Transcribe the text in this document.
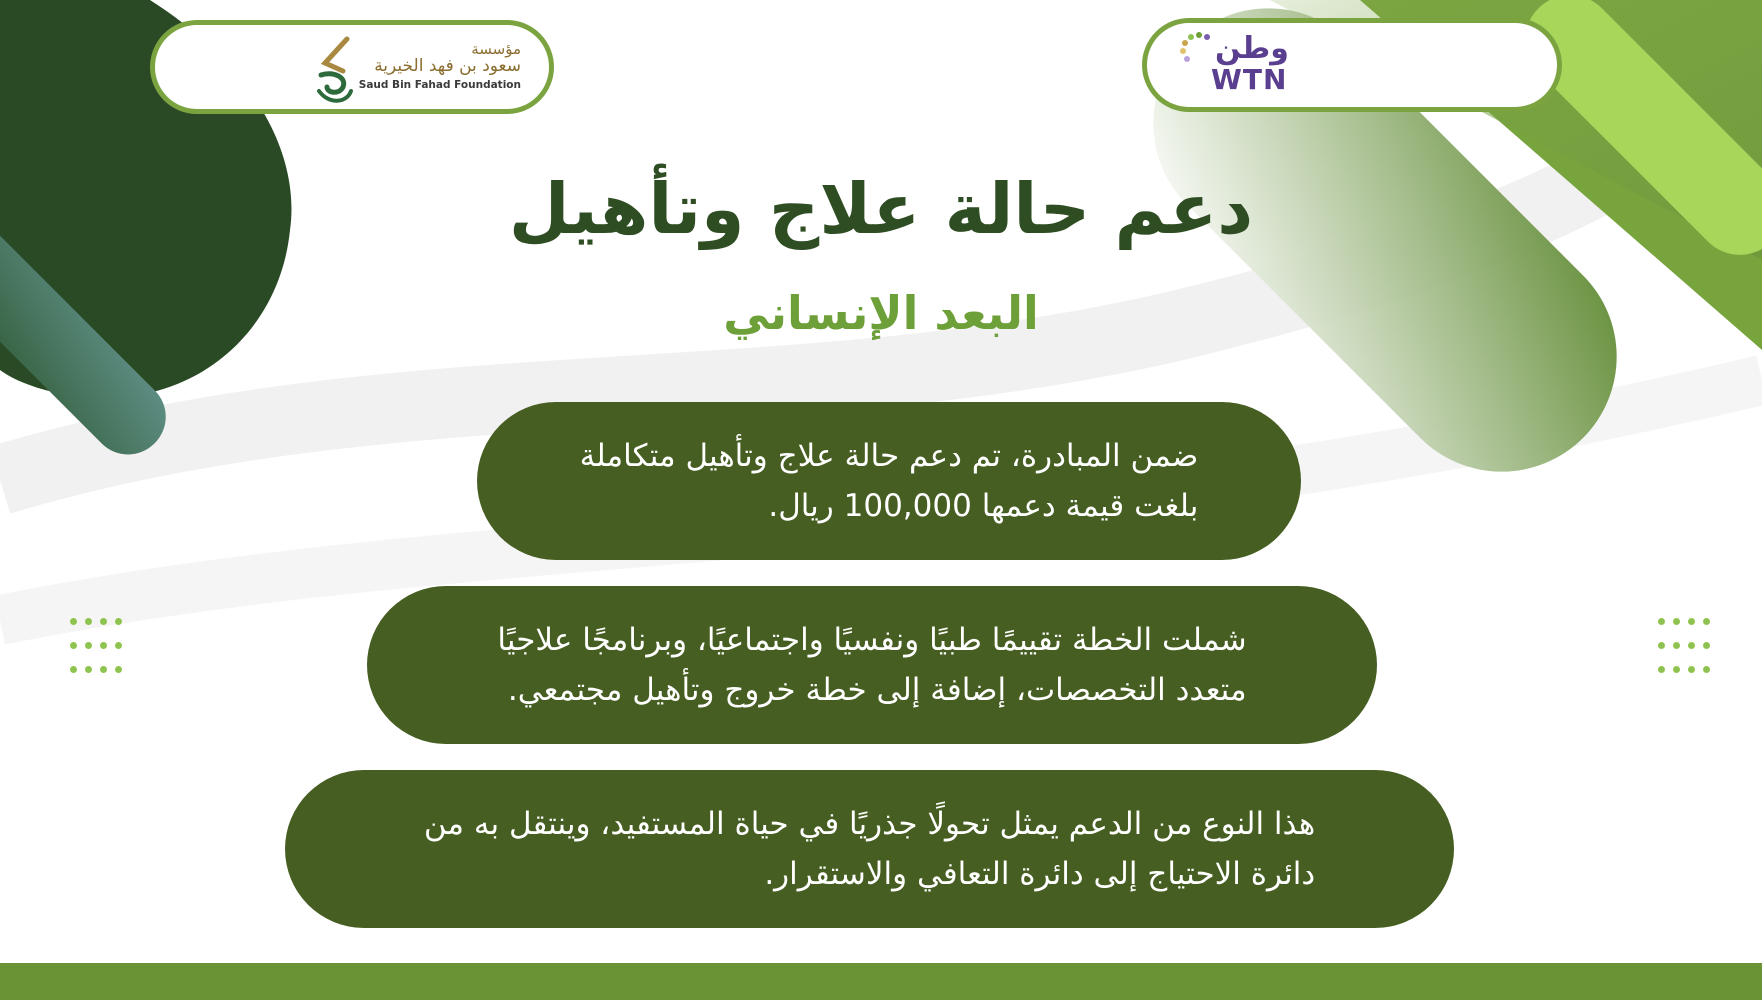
مؤسسة
سعود بن فهد الخيرية
Saud Bin Fahad Foundation
وطن
WTN
دعم حالة علاج وتأهيل
البعد الإنساني

ضمن المبادرة، تم دعم حالة علاج وتأهيل متكاملة

بلغت قيمة دعمها 100,000 ريال.

شملت الخطة تقييمًا طبيًا ونفسيًا واجتماعيًا، وبرنامجًا علاجيًا

متعدد التخصصات، إضافة إلى خطة خروج وتأهيل مجتمعي.

هذا النوع من الدعم يمثل تحولًا جذريًا في حياة المستفيد، وينتقل به من

دائرة الاحتياج إلى دائرة التعافي والاستقرار.
